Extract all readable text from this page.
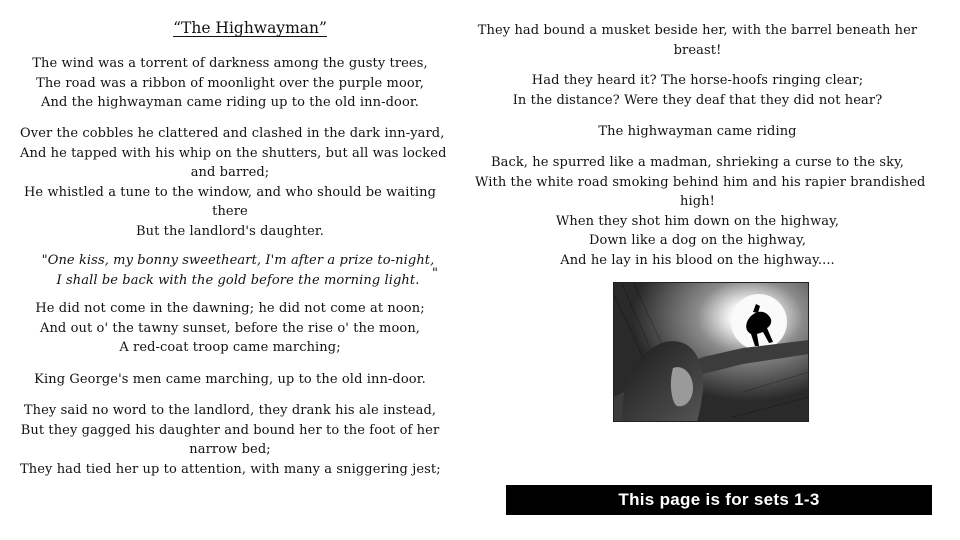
“The Highwayman”
The wind was a torrent of darkness among the gusty trees,
The road was a ribbon of moonlight over the purple moor,
And the highwayman came riding up to the old inn-door.
Over the cobbles he clattered and clashed in the dark inn-yard,
And he tapped with his whip on the shutters, but all was locked
and barred;
He whistled a tune to the window, and who should be waiting
there
But the landlord's daughter.
"One kiss, my bonny sweetheart, I'm after a prize to-night,
I shall be back with the gold before the morning light. "
He did not come in the dawning; he did not come at noon;
And out o' the tawny sunset, before the rise o' the moon,
A red-coat troop came marching;
King George's men came marching, up to the old inn-door.
They said no word to the landlord, they drank his ale instead,
But they gagged his daughter and bound her to the foot of her
narrow bed;
They had tied her up to attention, with many a sniggering jest;
They had bound a musket beside her, with the barrel beneath her
breast!
Had they heard it? The horse-hoofs ringing clear;
In the distance? Were they deaf that they did not hear?
The highwayman came riding
Back, he spurred like a madman, shrieking a curse to the sky,
With the white road smoking behind him and his rapier brandished
high!
When they shot him down on the highway,
Down like a dog on the highway,
And he lay in his blood on the highway....
This page is for sets 1-3
